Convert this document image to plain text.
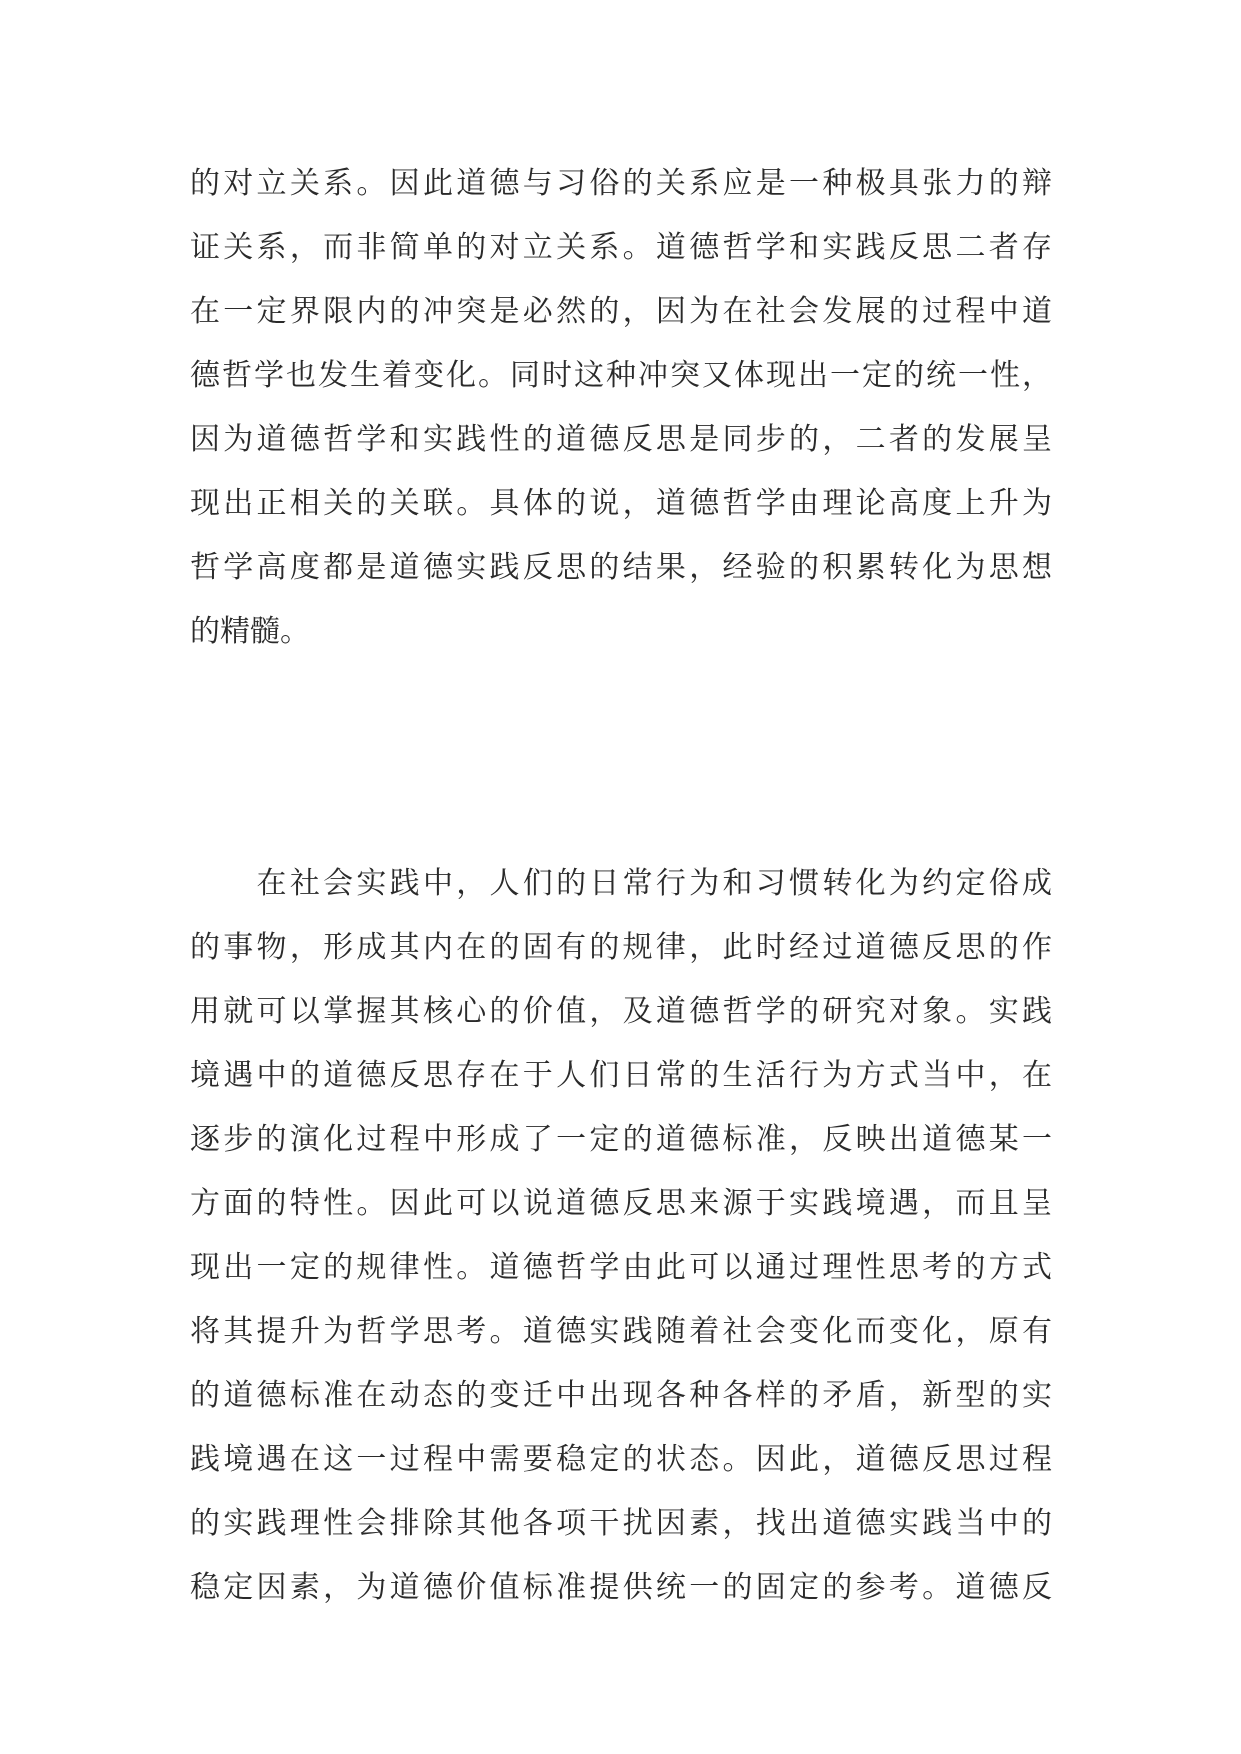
的对立关系。因此道德与习俗的关系应是一种极具张力的辩
证关系，而非简单的对立关系。道德哲学和实践反思二者存
在一定界限内的冲突是必然的，因为在社会发展的过程中道
德哲学也发生着变化。同时这种冲突又体现出一定的统一性，
因为道德哲学和实践性的道德反思是同步的，二者的发展呈
现出正相关的关联。具体的说，道德哲学由理论高度上升为
哲学高度都是道德实践反思的结果，经验的积累转化为思想
的精髓。
　　在社会实践中，人们的日常行为和习惯转化为约定俗成
的事物，形成其内在的固有的规律，此时经过道德反思的作
用就可以掌握其核心的价值，及道德哲学的研究对象。实践
境遇中的道德反思存在于人们日常的生活行为方式当中，在
逐步的演化过程中形成了一定的道德标准，反映出道德某一
方面的特性。因此可以说道德反思来源于实践境遇，而且呈
现出一定的规律性。道德哲学由此可以通过理性思考的方式
将其提升为哲学思考。道德实践随着社会变化而变化，原有
的道德标准在动态的变迁中出现各种各样的矛盾，新型的实
践境遇在这一过程中需要稳定的状态。因此，道德反思过程
的实践理性会排除其他各项干扰因素，找出道德实践当中的
稳定因素，为道德价值标准提供统一的固定的参考。道德反
